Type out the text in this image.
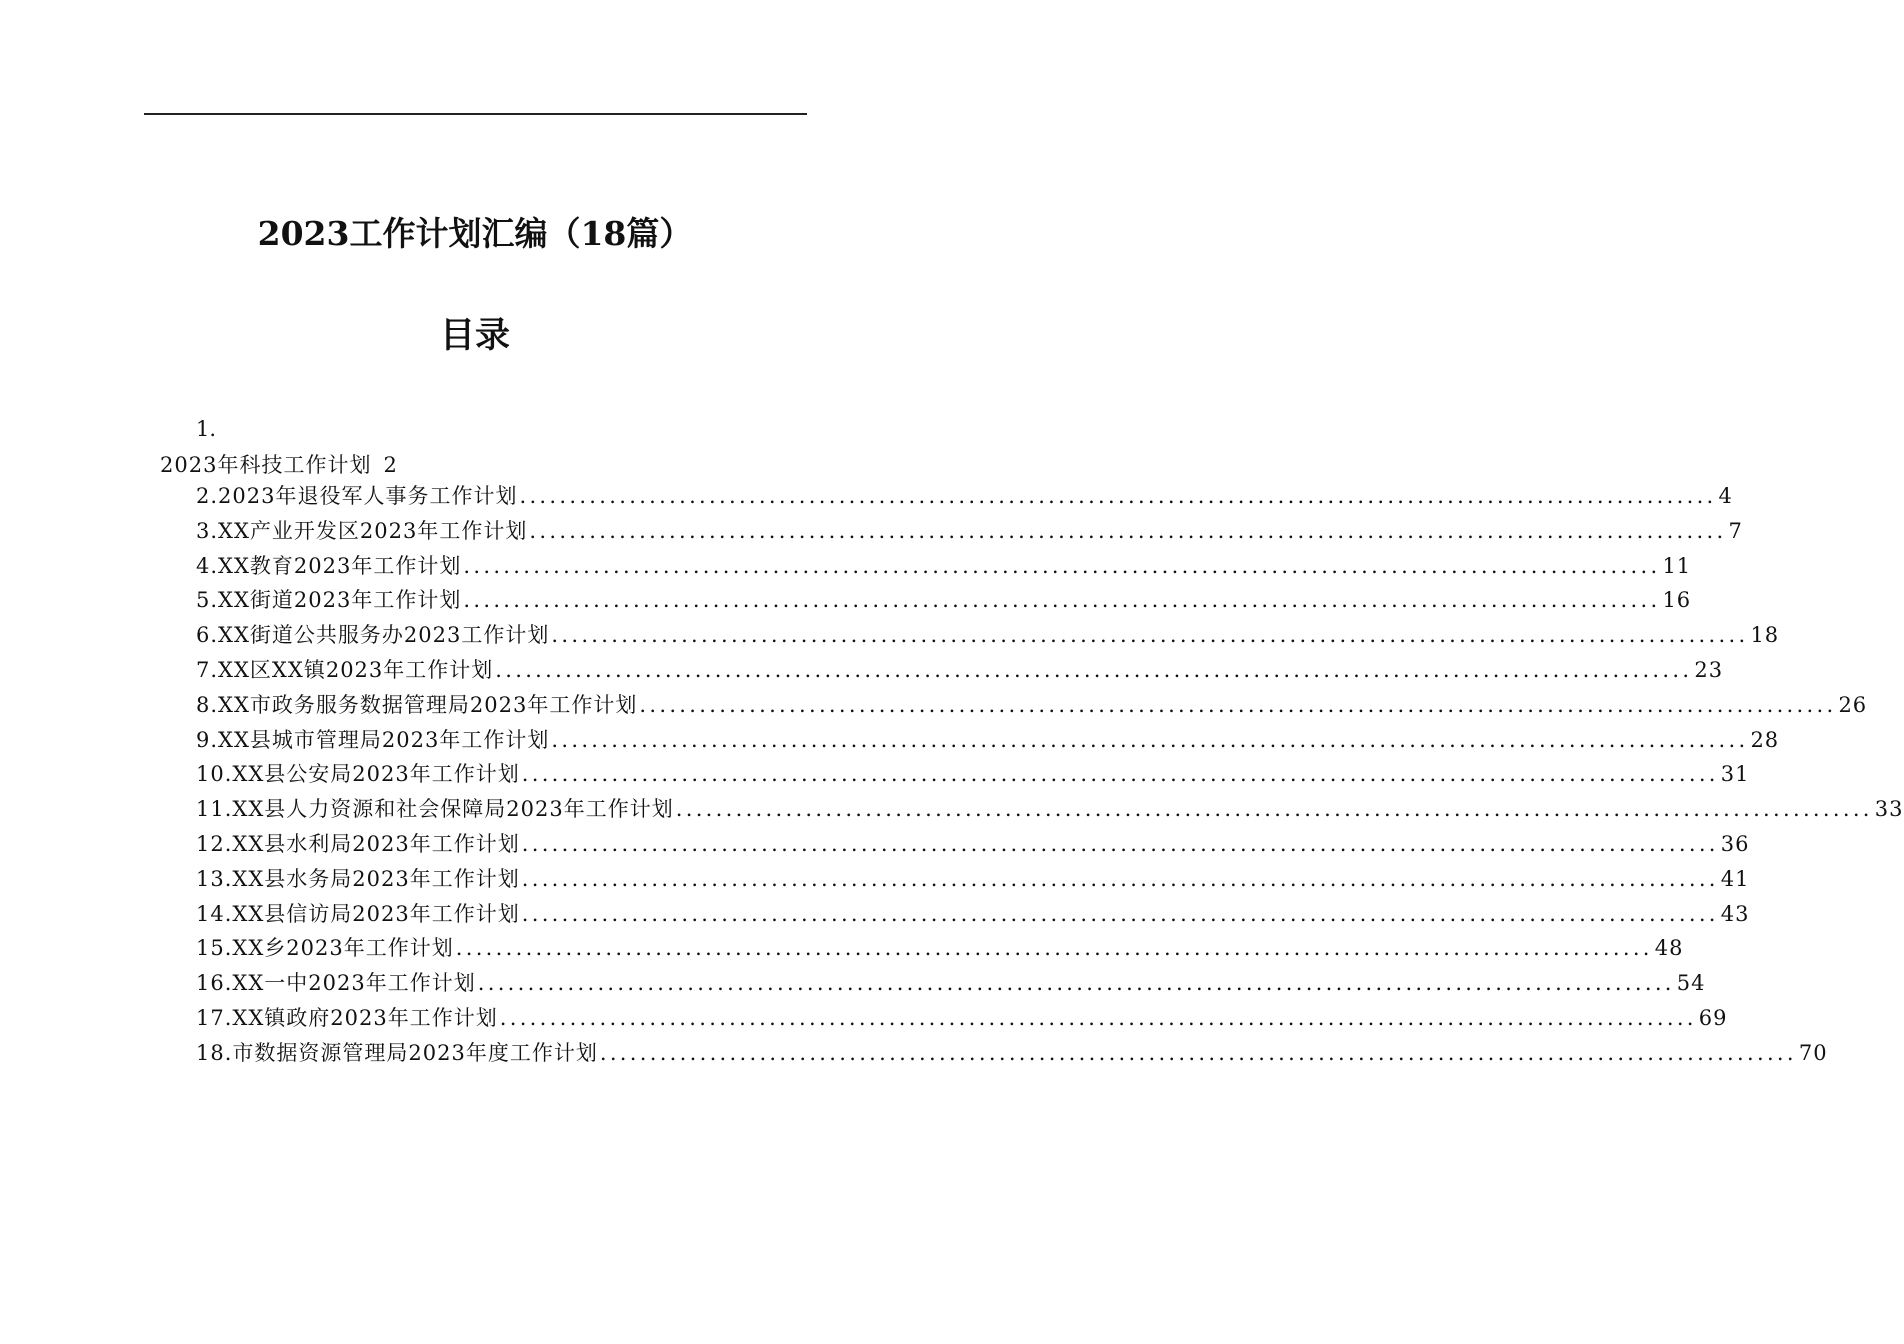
2023工作计划汇编（18篇）
目录
1.
2023年科技工作计划 2
2.2023年退役军人事务工作计划 ........................................................................................................................ 4
3.XX产业开发区2023年工作计划 ........................................................................................................................ 7
4.XX教育2023年工作计划 ........................................................................................................................ 11
5.XX街道2023年工作计划 ........................................................................................................................ 16
6.XX街道公共服务办2023工作计划 ........................................................................................................................ 18
7.XX区XX镇2023年工作计划 ........................................................................................................................ 23
8.XX市政务服务数据管理局2023年工作计划 ........................................................................................................................ 26
9.XX县城市管理局2023年工作计划 ........................................................................................................................ 28
10.XX县公安局2023年工作计划 ........................................................................................................................ 31
11.XX县人力资源和社会保障局2023年工作计划 ........................................................................................................................ 33
12.XX县水利局2023年工作计划 ........................................................................................................................ 36
13.XX县水务局2023年工作计划 ........................................................................................................................ 41
14.XX县信访局2023年工作计划 ........................................................................................................................ 43
15.XX乡2023年工作计划 ........................................................................................................................ 48
16.XX一中2023年工作计划 ........................................................................................................................ 54
17.XX镇政府2023年工作计划 ........................................................................................................................ 69
18.市数据资源管理局2023年度工作计划 ........................................................................................................................ 70
